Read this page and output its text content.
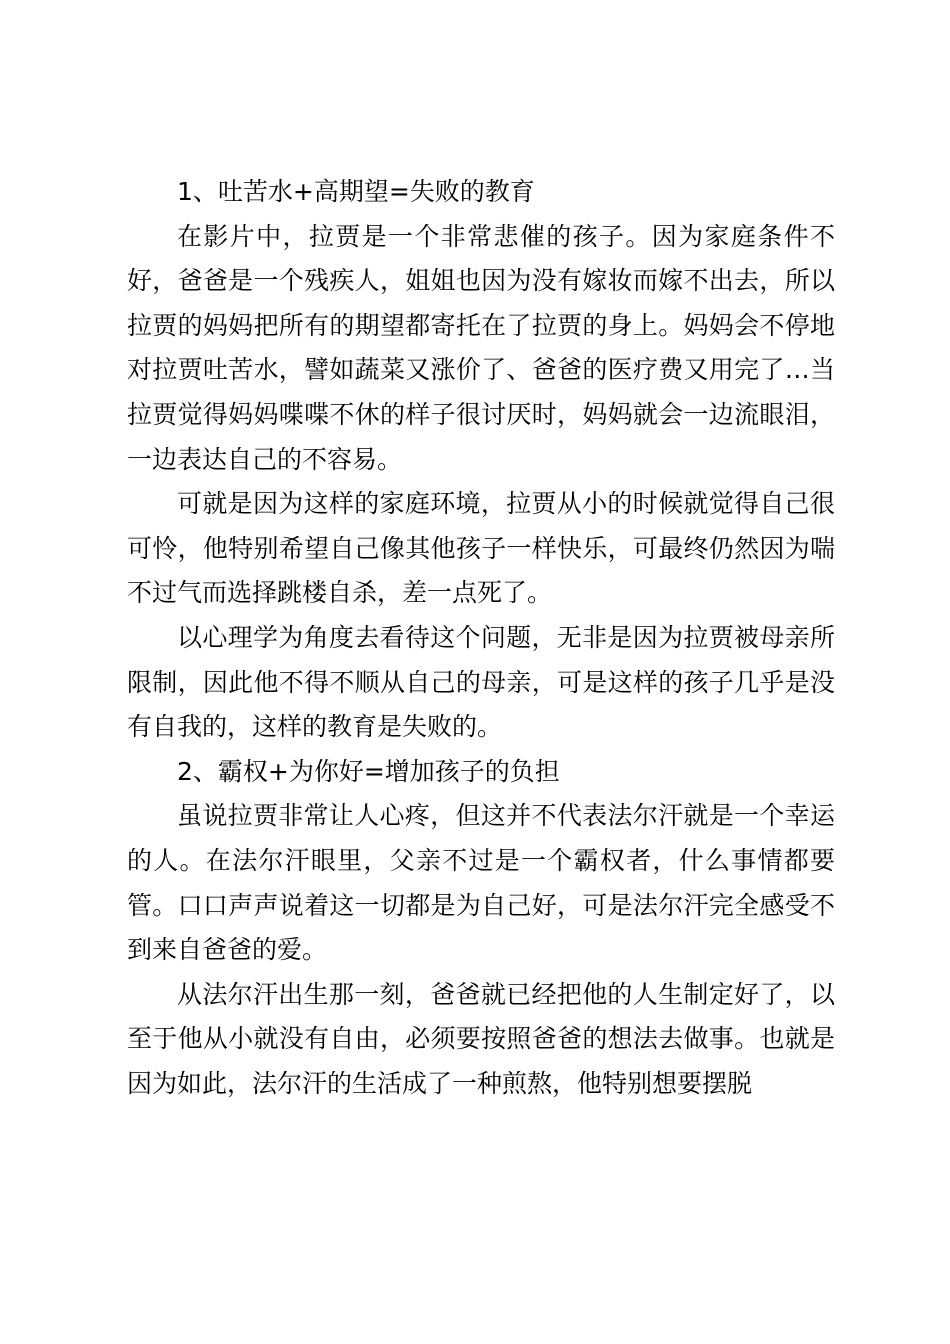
1、吐苦水+高期望=失败的教育

在影片中，拉贾是一个非常悲催的孩子。因为家庭条件不好，爸爸是一个残疾人，姐姐也因为没有嫁妆而嫁不出去，所以拉贾的妈妈把所有的期望都寄托在了拉贾的身上。妈妈会不停地对拉贾吐苦水，譬如蔬菜又涨价了、爸爸的医疗费又用完了…当拉贾觉得妈妈喋喋不休的样子很讨厌时，妈妈就会一边流眼泪，一边表达自己的不容易。

可就是因为这样的家庭环境，拉贾从小的时候就觉得自己很可怜，他特别希望自己像其他孩子一样快乐，可最终仍然因为喘不过气而选择跳楼自杀，差一点死了。

以心理学为角度去看待这个问题，无非是因为拉贾被母亲所限制，因此他不得不顺从自己的母亲，可是这样的孩子几乎是没有自我的，这样的教育是失败的。

2、霸权+为你好=增加孩子的负担

虽说拉贾非常让人心疼，但这并不代表法尔汗就是一个幸运的人。在法尔汗眼里，父亲不过是一个霸权者，什么事情都要管。口口声声说着这一切都是为自己好，可是法尔汗完全感受不到来自爸爸的爱。

从法尔汗出生那一刻，爸爸就已经把他的人生制定好了，以至于他从小就没有自由，必须要按照爸爸的想法去做事。也就是因为如此，法尔汗的生活成了一种煎熬，他特别想要摆脱
